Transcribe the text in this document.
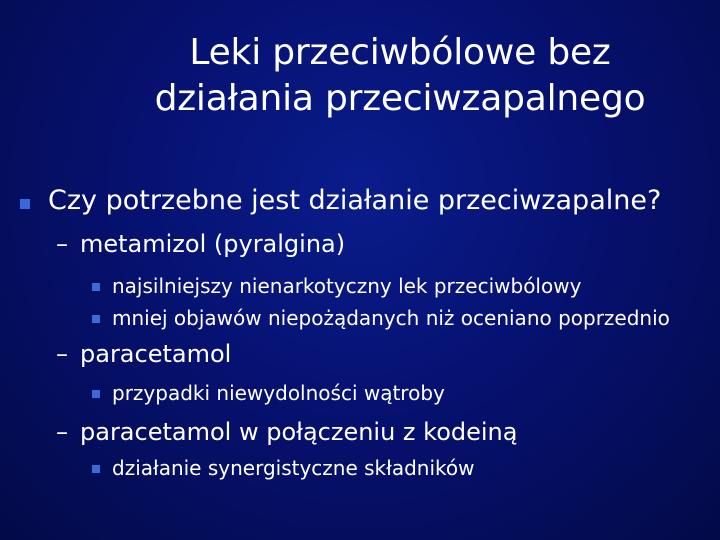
Leki przeciwbólowe bez
działania przeciwzapalnego
Czy potrzebne jest działanie przeciwzapalne?
– metamizol (pyralgina)
najsilniejszy nienarkotyczny lek przeciwbólowy
mniej objawów niepożądanych niż oceniano poprzednio
– paracetamol
przypadki niewydolności wątroby
– paracetamol w połączeniu z kodeiną
działanie synergistyczne składników
